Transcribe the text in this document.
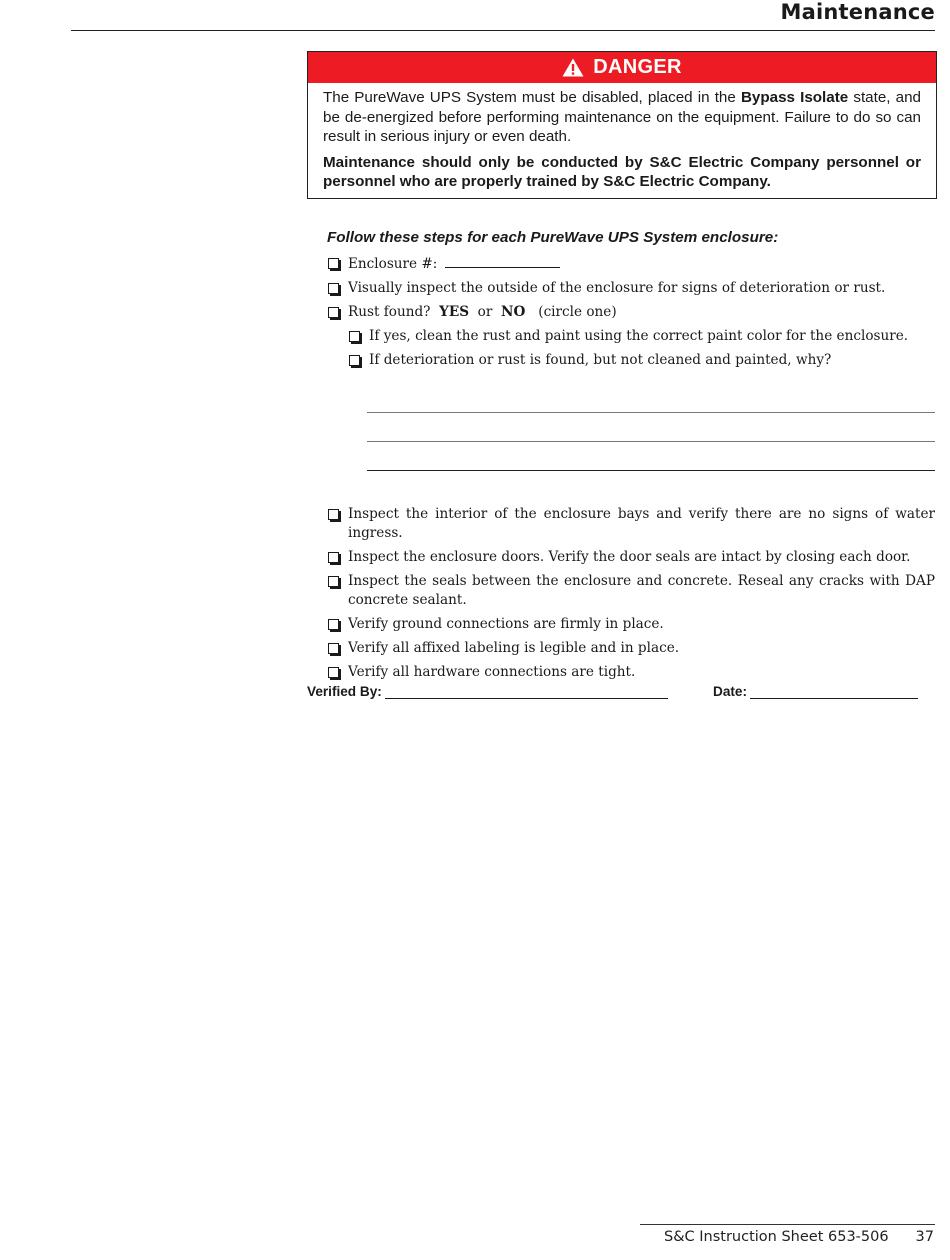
Maintenance
DANGER

The PureWave UPS System must be disabled, placed in the Bypass Isolate state, and be de-energized before performing maintenance on the equipment. Failure to do so can result in serious injury or even death.

Maintenance should only be conducted by S&C Electric Company personnel or personnel who are properly trained by S&C Electric Company.

Follow these steps for each PureWave UPS System enclosure:
Enclosure #:
Visually inspect the outside of the enclosure for signs of deterioration or rust.
Rust found? YES or NO (circle one)
If yes, clean the rust and paint using the correct paint color for the enclosure.
If deterioration or rust is found, but not cleaned and painted, why?
Inspect the interior of the enclosure bays and verify there are no signs of water ingress.
Inspect the enclosure doors. Verify the door seals are intact by closing each door.
Inspect the seals between the enclosure and concrete. Reseal any cracks with DAP concrete sealant.
Verify ground connections are firmly in place.
Verify all affixed labeling is legible and in place.
Verify all hardware connections are tight.
Verified By:	Date:
S&C Instruction Sheet 653-506 37
